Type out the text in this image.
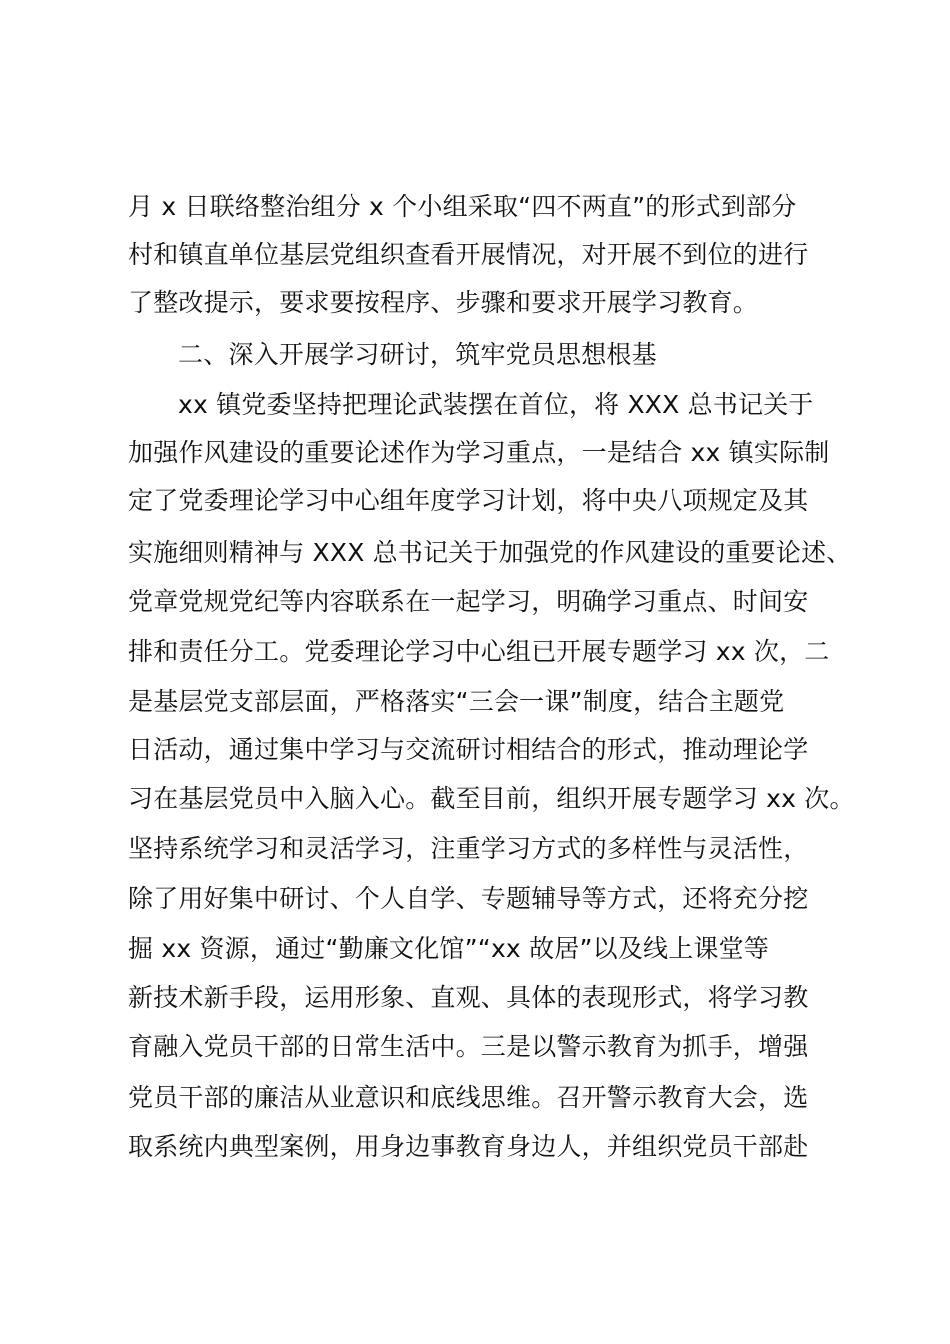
月 x 日联络整治组分 x 个小组采取“四不两直”的形式到部分
村和镇直单位基层党组织查看开展情况，对开展不到位的进行
了整改提示，要求要按程序、步骤和要求开展学习教育。
二、深入开展学习研讨，筑牢党员思想根基
xx 镇党委坚持把理论武装摆在首位，将 XXX 总书记关于
加强作风建设的重要论述作为学习重点，一是结合 xx 镇实际制
定了党委理论学习中心组年度学习计划，将中央八项规定及其
实施细则精神与 XXX 总书记关于加强党的作风建设的重要论述、
党章党规党纪等内容联系在一起学习，明确学习重点、时间安
排和责任分工。党委理论学习中心组已开展专题学习 xx 次，二
是基层党支部层面，严格落实“三会一课”制度，结合主题党
日活动，通过集中学习与交流研讨相结合的形式，推动理论学
习在基层党员中入脑入心。截至目前，组织开展专题学习 xx 次。
坚持系统学习和灵活学习，注重学习方式的多样性与灵活性，
除了用好集中研讨、个人自学、专题辅导等方式，还将充分挖
掘 xx 资源，通过“勤廉文化馆”“xx 故居”以及线上课堂等
新技术新手段，运用形象、直观、具体的表现形式，将学习教
育融入党员干部的日常生活中。三是以警示教育为抓手，增强
党员干部的廉洁从业意识和底线思维。召开警示教育大会，选
取系统内典型案例，用身边事教育身边人，并组织党员干部赴
